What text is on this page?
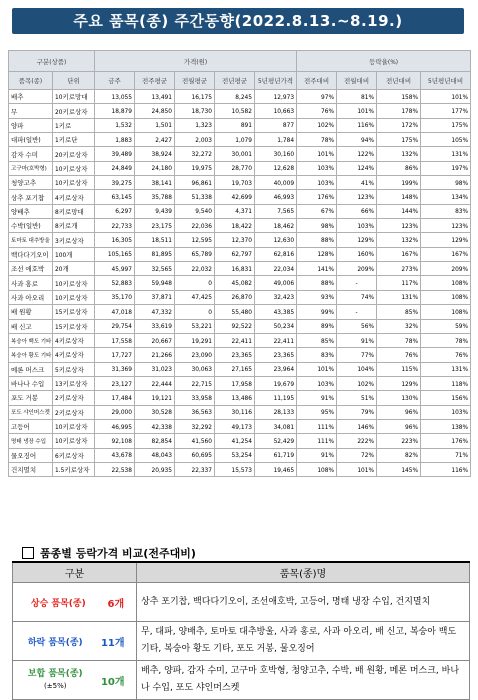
주요 품목(종) 주간동향(2022.8.13.~8.19.)
구분(상품)		가격(원)					등락율(%)			
품목(종)	단위	금주	전주평균	전월평균	전년평균	5년평년가격	전주대비	전월대비	전년대비	5년평년대비
배추	10키로망대	13,055	13,491	16,175	8,245	12,973	97%	81%	158%	101%
무	20키로상자	18,879	24,850	18,730	10,582	10,663	76%	101%	178%	177%
양파	1키로	1,532	1,501	1,323	891	877	102%	116%	172%	175%
대파(일반)	1키로단	1,883	2,427	2,003	1,079	1,784	78%	94%	175%	105%
감자 수미	20키로상자	39,489	38,924	32,272	30,001	30,160	101%	122%	132%	131%
고구마(호박형)	10키로상자	24,849	24,180	19,975	28,770	12,628	103%	124%	86%	197%
청양고추	10키로상자	39,275	38,141	96,861	19,703	40,009	103%	41%	199%	98%
상추 포기찹	4키로상자	63,145	35,788	51,338	42,699	46,993	176%	123%	148%	134%
양배추	8키로망대	6,297	9,439	9,540	4,371	7,565	67%	66%	144%	83%
수박(일반)	8키로개	22,733	23,175	22,036	18,422	18,462	98%	103%	123%	123%
토마토 대추방울	3키로상자	16,305	18,511	12,595	12,370	12,630	88%	129%	132%	129%
백다다기오이	100개	105,165	81,895	65,789	62,797	62,816	128%	160%	167%	167%
조선 애호박	20개	45,997	32,565	22,032	16,831	22,034	141%	209%	273%	209%
사과 홍로	10키로상자	52,883	59,948	0	45,082	49,006	88%	-	117%	108%
사과 아오리	10키로상자	35,170	37,871	47,425	26,870	32,423	93%	74%	131%	108%
배 원황	15키로상자	47,018	47,332	0	55,480	43,385	99%	-	85%	108%
배 신고	15키로상자	29,754	33,619	53,221	92,522	50,234	89%	56%	32%	59%
복숭아 백도 기타	4키로상자	17,558	20,667	19,291	22,411	22,411	85%	91%	78%	78%
복숭아 황도 기타	4키로상자	17,727	21,266	23,090	23,365	23,365	83%	77%	76%	76%
메론 머스크	5키로상자	31,369	31,023	30,063	27,165	23,964	101%	104%	115%	131%
바나나 수입	13키로상자	23,127	22,444	22,715	17,958	19,679	103%	102%	129%	118%
포도 거봉	2키로상자	17,484	19,121	33,958	13,486	11,195	91%	51%	130%	156%
포도 샤인머스켓	2키로상자	29,000	30,528	36,563	30,116	28,133	95%	79%	96%	103%
고등어	10키로상자	46,995	42,338	32,292	49,173	34,081	111%	146%	96%	138%
명태 냉장 수입	10키로상자	92,108	82,854	41,560	41,254	52,429	111%	222%	223%	176%
물오징어	6키로상자	43,678	48,043	60,695	53,254	61,719	91%	72%	82%	71%
건지멸치	1.5키로상자	22,538	20,935	22,337	15,573	19,465	108%	101%	145%	116%
품종별 등락가격 비교(전주대비)
구분	품목(종)명

상승 품목(종)	6개
	상추 포기찹, 백다다기오이, 조선애호박, 고등어, 명태 냉장 수입, 건지멸치

하락 품목(종)	11개
	무, 대파, 양배추, 토마토 대추방울, 사과 홍로, 사과 아오리, 배 신고, 복숭아 백도 기타, 복숭아 황도 기타, 포도 거봉, 물오징어

보합 품목(종)
(±5%)	10개
	배추, 양파, 감자 수미, 고구마 호박형, 청양고추, 수박, 배 원황, 메론 머스크, 바나나 수입, 포도 샤인머스켓
